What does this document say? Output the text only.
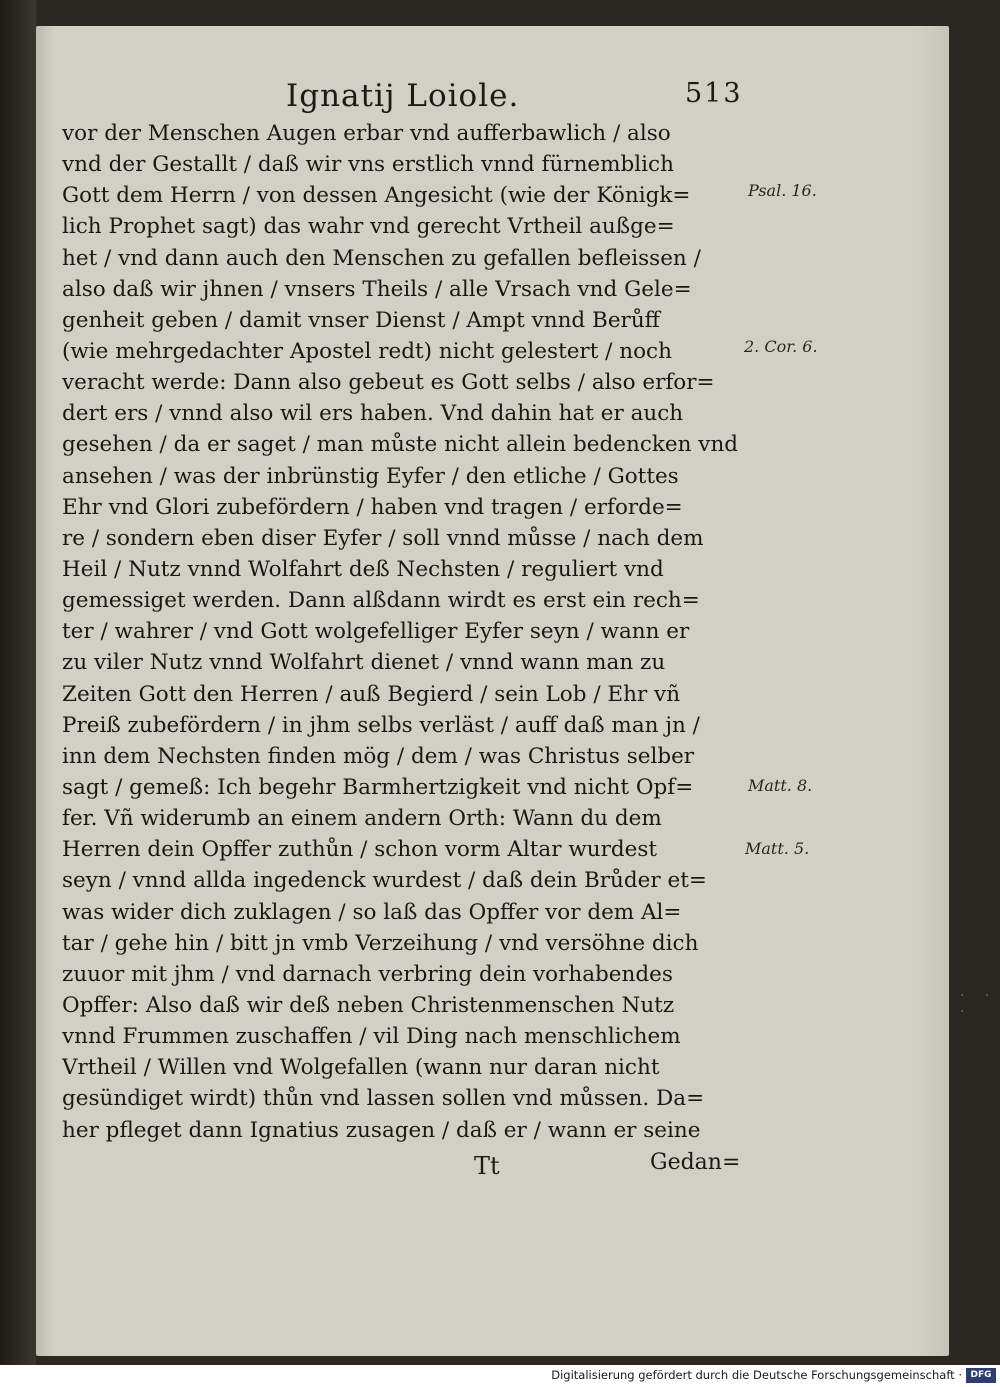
Ignatij Loiole.	513
vor der Menschen Augen erbar vnd aufferbawlich / also
vnd der Gestallt / daß wir vns erstlich vnnd fürnemblich
Gott dem Herrn / von dessen Angesicht (wie der Königk=
lich Prophet sagt) das wahr vnd gerecht Vrtheil außge=
het / vnd dann auch den Menschen zu gefallen befleissen /
also daß wir jhnen / vnsers Theils / alle Vrsach vnd Gele=
genheit geben / damit vnser Dienst / Ampt vnnd Berůff
(wie mehrgedachter Apostel redt) nicht gelestert / noch
veracht werde: Dann also gebeut es Gott selbs / also erfor=
dert ers / vnnd also wil ers haben. Vnd dahin hat er auch
gesehen / da er saget / man můste nicht allein bedencken vnd
ansehen / was der inbrünstig Eyfer / den etliche / Gottes
Ehr vnd Glori zubefördern / haben vnd tragen / erforde=
re / sondern eben diser Eyfer / soll vnnd můsse / nach dem
Heil / Nutz vnnd Wolfahrt deß Nechsten / reguliert vnd
gemessiget werden. Dann alßdann wirdt es erst ein rech=
ter / wahrer / vnd Gott wolgefelliger Eyfer seyn / wann er
zu viler Nutz vnnd Wolfahrt dienet / vnnd wann man zu
Zeiten Gott den Herren / auß Begierd / sein Lob / Ehr vñ
Preiß zubefördern / in jhm selbs verläst / auff daß man jn /
inn dem Nechsten finden mög / dem / was Christus selber
sagt / gemeß: Ich begehr Barmhertzigkeit vnd nicht Opf=
fer. Vñ widerumb an einem andern Orth: Wann du dem
Herren dein Opffer zuthůn / schon vorm Altar wurdest
seyn / vnnd allda ingedenck wurdest / daß dein Brůder et=
was wider dich zuklagen / so laß das Opffer vor dem Al=
tar / gehe hin / bitt jn vmb Verzeihung / vnd versöhne dich
zuuor mit jhm / vnd darnach verbring dein vorhabendes
Opffer: Also daß wir deß neben Christenmenschen Nutz
vnnd Frummen zuschaffen / vil Ding nach menschlichem
Vrtheil / Willen vnd Wolgefallen (wann nur daran nicht
gesündiget wirdt) thůn vnd lassen sollen vnd můssen. Da=
her pfleget dann Ignatius zusagen / daß er / wann er seine
Psal. 16.
2. Cor. 6.
Matt. 8.
Matt. 5.
Tt	Gedan=
· · ·
Digitalisierung gefördert durch die Deutsche Forschungsgemeinschaft · DFG
